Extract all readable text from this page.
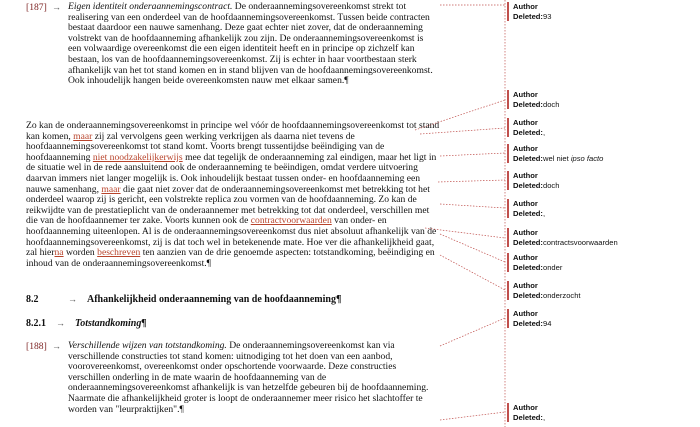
[187] → Eigen identiteit onderaannemingscontract. De onderaannemingsovereenkomst strekt tot realisering van een onderdeel van de hoofdaannemingsovereenkomst. Tussen beide contracten bestaat daardoor een nauwe samenhang. Deze gaat echter niet zover, dat de onderaanneming volstrekt van de hoofdaanneming afhankelijk zou zijn. De onderaannemingsovereenkomst is een volwaardige overeenkomst die een eigen identiteit heeft en in principe op zichzelf kan bestaan, los van de hoofdaannemingsovereenkomst. Zij is echter in haar voortbestaan sterk afhankelijk van het tot stand komen en in stand blijven van de hoofdaannemingsovereenkomst. Ook inhoudelijk hangen beide overeenkomsten nauw met elkaar samen.¶

Zo kan de onderaannemingsovereenkomst in principe wel vóór de hoofdaannemingsovereenkomst tot stand kan komen, maar zij zal vervolgens geen werking verkrijgen als daarna niet tevens de hoofdaannemingsovereenkomst tot stand komt. Voorts brengt tussentijdse beëindiging van de hoofdaanneming niet noodzakelijkerwijs mee dat tegelijk de onderaanneming zal eindigen, maar het ligt in de situatie wel in de rede aansluitend ook de onderaanneming te beëindigen, omdat verdere uitvoering daarvan immers niet langer mogelijk is. Ook inhoudelijk bestaat tussen onder- en hoofdaanneming een nauwe samenhang, maar die gaat niet zover dat de onderaannemingsovereenkomst met betrekking tot het onderdeel waarop zij is gericht, een volstrekte replica zou vormen van de hoofdaanneming. Zo kan de reikwijdte van de prestatieplicht van de onderaannemer met betrekking tot dat onderdeel, verschillen met die van de hoofdaannemer ter zake. Voorts kunnen ook de contractvoorwaarden van onder- en hoofdaanneming uiteenlopen. Al is de onderaannemingsovereenkomst dus niet absoluut afhankelijk van de hoofdaannemingsovereenkomst, zij is dat toch wel in betekenende mate. Hoe ver die afhankelijkheid gaat, zal hierna worden beschreven ten aanzien van de drie genoemde aspecten: totstandkoming, beëindiging en inhoud van de onderaannemingsovereenkomst.¶

8.2	→ Afhankelijkheid onderaanneming van de hoofdaanneming¶
8.2.1 → Totstandkoming¶
[188] → Verschillende wijzen van totstandkoming. De onderaannemingsovereenkomst kan via verschillende constructies tot stand komen: uitnodiging tot het doen van een aanbod, voorovereenkomst, overeenkomst onder opschortende voorwaarde. Deze constructies verschillen onderling in de mate waarin de hoofdaanneming van de onderaannemingsovereenkomst afhankelijk is van hetzelfde gebeuren bij de hoofdaanneming. Naarmate die afhankelijkheid groter is loopt de onderaannemer meer risico het slachtoffer te worden van "leurpraktijken".¶

Author
Deleted:93
Author
Deleted:doch
Author
Deleted:,
Author
Deleted:wel niet ipso facto
Author
Deleted:doch
Author
Deleted:,
Author
Deleted:contractsvoorwaarden
Author
Deleted:onder
Author
Deleted:onderzocht
Author
Deleted:94
Author
Deleted:,
